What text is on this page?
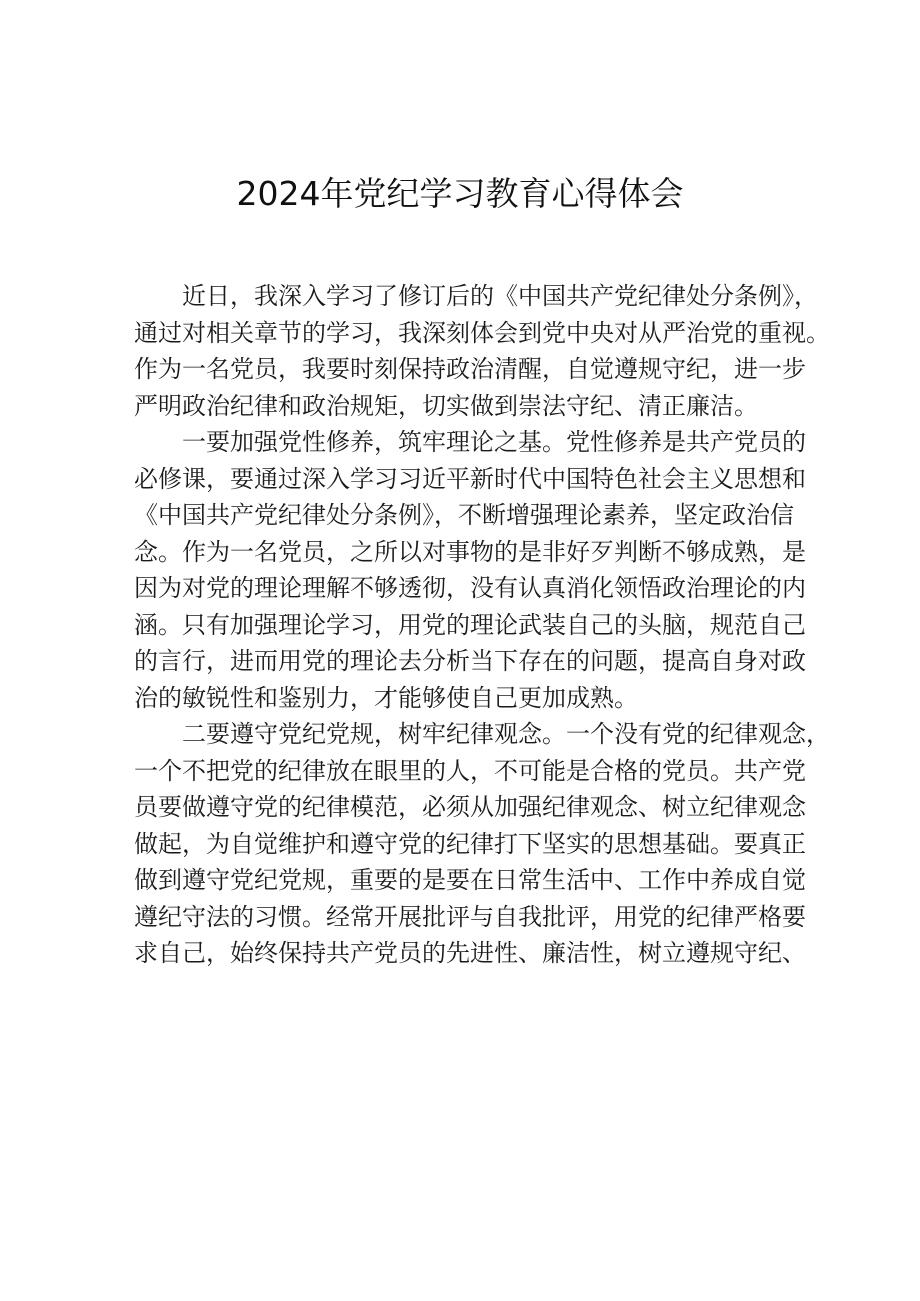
2024年党纪学习教育心得体会
近日，我深入学习了修订后的《中国共产党纪律处分条例》，
通过对相关章节的学习，我深刻体会到党中央对从严治党的重视。
作为一名党员，我要时刻保持政治清醒，自觉遵规守纪，进一步
严明政治纪律和政治规矩，切实做到崇法守纪、清正廉洁。
一要加强党性修养，筑牢理论之基。党性修养是共产党员的
必修课，要通过深入学习习近平新时代中国特色社会主义思想和
《中国共产党纪律处分条例》，不断增强理论素养，坚定政治信
念。作为一名党员，之所以对事物的是非好歹判断不够成熟，是
因为对党的理论理解不够透彻，没有认真消化领悟政治理论的内
涵。只有加强理论学习，用党的理论武装自己的头脑，规范自己
的言行，进而用党的理论去分析当下存在的问题，提高自身对政
治的敏锐性和鉴别力，才能够使自己更加成熟。
二要遵守党纪党规，树牢纪律观念。一个没有党的纪律观念，
一个不把党的纪律放在眼里的人，不可能是合格的党员。共产党
员要做遵守党的纪律模范，必须从加强纪律观念、树立纪律观念
做起，为自觉维护和遵守党的纪律打下坚实的思想基础。要真正
做到遵守党纪党规，重要的是要在日常生活中、工作中养成自觉
遵纪守法的习惯。经常开展批评与自我批评，用党的纪律严格要
求自己，始终保持共产党员的先进性、廉洁性，树立遵规守纪、
